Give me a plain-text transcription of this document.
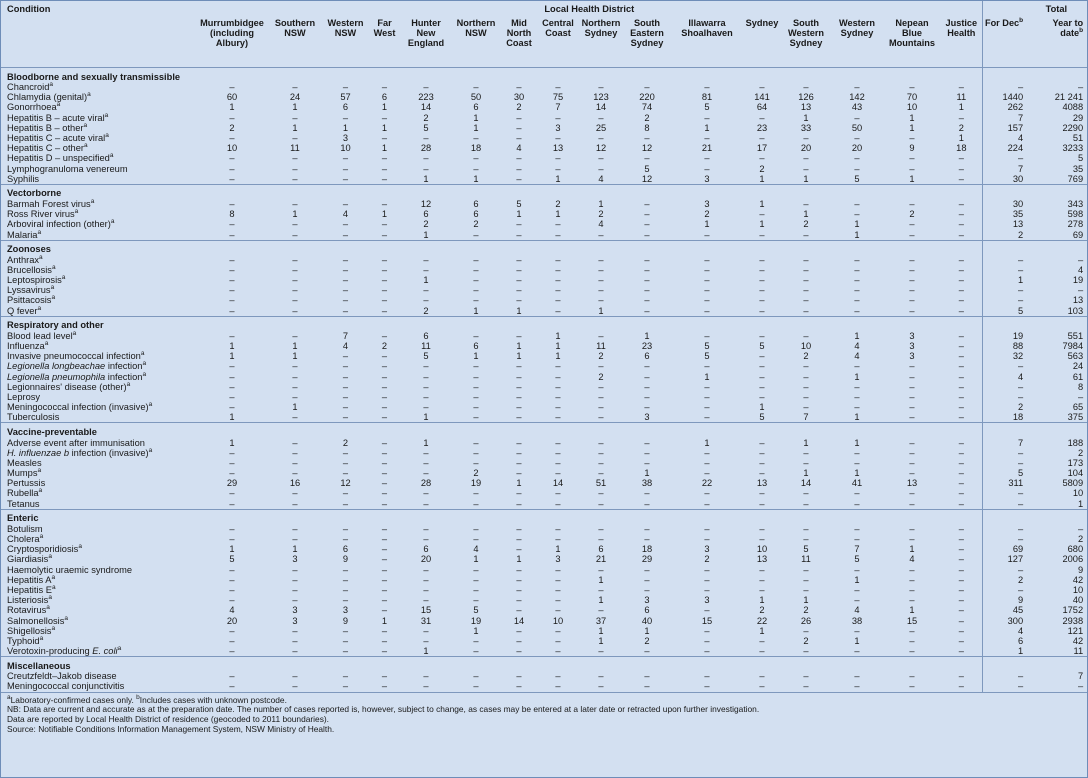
Condition	Local Health District																Total	
	Murrumbidgee (including Albury)	Southern NSW	Western NSW	Far West	Hunter New England	Northern NSW	Mid North Coast	Central Coast	Northern Sydney	South Eastern Sydney	Illawarra Shoalhaven	Sydney	South Western Sydney	Western Sydney	Nepean Blue Mountains	Justice Health	For Dec$^b$	Year to date$^b$
Bloodborne and sexually transmissible																		
Chancroid$^a$	–	–	–	–	–	–	–	–	–	–	–	–	–	–	–	–	–	–
Chlamydia (genital)$^a$	60	24	57	6	223	50	30	75	123	220	81	141	126	142	70	11	1440	21 241
Gonorrhoea$^a$	1	1	6	1	14	6	2	7	14	74	5	64	13	43	10	1	262	4088
Hepatitis B – acute viral$^a$	–	–	–	–	2	1	–	–	–	2	–	–	1	–	1	–	7	29
Hepatitis B – other$^a$	2	1	1	1	5	1	–	3	25	8	1	23	33	50	1	2	157	2290
Hepatitis C – acute viral$^a$	–	–	3	–	–	–	–	–	–	–	–	–	–	–	–	1	4	51
Hepatitis C – other$^a$	10	11	10	1	28	18	4	13	12	12	21	17	20	20	9	18	224	3233
Hepatitis D – unspecified$^a$	–	–	–	–	–	–	–	–	–	–	–	–	–	–	–	–	–	5
Lymphogranuloma venereum	–	–	–	–	–	–	–	–	–	5	–	2	–	–	–	–	7	35
Syphilis	–	–	–	–	1	1	–	1	4	12	3	1	1	5	1	–	30	769
Vectorborne																		
Barmah Forest virus$^a$	–	–	–	–	12	6	5	2	1	–	3	1	–	–	–	–	30	343
Ross River virus$^a$	8	1	4	1	6	6	1	1	2	–	2	–	1	–	2	–	35	598
Arboviral infection (other)$^a$	–	–	–	–	2	2	–	–	4	–	1	1	2	1	–	–	13	278
Malaria$^a$	–	–	–	–	1	–	–	–	–	–	–	–	–	1	–	–	2	69
Zoonoses																		
Anthrax$^a$	–	–	–	–	–	–	–	–	–	–	–	–	–	–	–	–	–	–
Brucellosis$^a$	–	–	–	–	–	–	–	–	–	–	–	–	–	–	–	–	–	4
Leptospirosis$^a$	–	–	–	–	1	–	–	–	–	–	–	–	–	–	–	–	1	19
Lyssavirus$^a$	–	–	–	–	–	–	–	–	–	–	–	–	–	–	–	–	–	–
Psittacosis$^a$	–	–	–	–	–	–	–	–	–	–	–	–	–	–	–	–	–	13
Q fever$^a$	–	–	–	–	2	1	1	–	1	–	–	–	–	–	–	–	5	103
Respiratory and other																		
Blood lead level$^a$	–	–	7	–	6	–	–	1	–	1	–	–	–	1	3	–	19	551
Influenza$^a$	1	1	4	2	11	6	1	1	11	23	5	5	10	4	3	–	88	7984
Invasive pneumococcal infection$^a$	1	1	–	–	5	1	1	1	2	6	5	–	2	4	3	–	32	563
Legionella longbeachae infection$^a$	–	–	–	–	–	–	–	–	–	–	–	–	–	–	–	–	–	24
Legionella pneumophila infection$^a$	–	–	–	–	–	–	–	–	2	–	1	–	–	1	–	–	4	61
Legionnaires' disease (other)$^a$	–	–	–	–	–	–	–	–	–	–	–	–	–	–	–	–	–	8
Leprosy	–	–	–	–	–	–	–	–	–	–	–	–	–	–	–	–	–	–
Meningococcal infection (invasive)$^a$	–	1	–	–	–	–	–	–	–	–	–	1	–	–	–	–	2	65
Tuberculosis	1	–	–	–	1	–	–	–	–	3	–	5	7	1	–	–	18	375
Vaccine-preventable																		
Adverse event after immunisation	1	–	2	–	1	–	–	–	–	–	1	–	1	1	–	–	7	188
H. influenzae b infection (invasive)$^a$	–	–	–	–	–	–	–	–	–	–	–	–	–	–	–	–	–	2
Measles	–	–	–	–	–	–	–	–	–	–	–	–	–	–	–	–	–	173
Mumps$^a$	–	–	–	–	–	2	–	–	–	1	–	–	1	1	–	–	5	104
Pertussis	29	16	12	–	28	19	1	14	51	38	22	13	14	41	13	–	311	5809
Rubella$^a$	–	–	–	–	–	–	–	–	–	–	–	–	–	–	–	–	–	10
Tetanus	–	–	–	–	–	–	–	–	–	–	–	–	–	–	–	–	–	1
Enteric																		
Botulism	–	–	–	–	–	–	–	–	–	–	–	–	–	–	–	–	–	–
Cholera$^a$	–	–	–	–	–	–	–	–	–	–	–	–	–	–	–	–	–	2
Cryptosporidiosis$^a$	1	1	6	–	6	4	–	1	6	18	3	10	5	7	1	–	69	680
Giardiasis$^a$	5	3	9	–	20	1	1	3	21	29	2	13	11	5	4	–	127	2006
Haemolytic uraemic syndrome	–	–	–	–	–	–	–	–	–	–	–	–	–	–	–	–	–	9
Hepatitis $A^a$	–	–	–	–	–	–	–	–	1	–	–	–	–	1	–	–	2	42
Hepatitis $E^a$	–	–	–	–	–	–	–	–	–	–	–	–	–	–	–	–	–	10
Listeriosis$^a$	–	–	–	–	–	–	–	–	1	3	3	1	1	–	–	–	9	40
Rotavirus$^a$	4	3	3	–	15	5	–	–	–	6	–	2	2	4	1	–	45	1752
Salmonellosis$^a$	20	3	9	1	31	19	14	10	37	40	15	22	26	38	15	–	300	2938
Shigellosis$^a$	–	–	–	–	–	1	–	–	1	1	–	1	–	–	–	–	4	121
Typhoid$^a$	–	–	–	–	–	–	–	–	1	2	–	–	2	1	–	–	6	42
Verotoxin-producing E. coli$^a$	–	–	–	–	1	–	–	–	–	–	–	–	–	–	–	–	1	11
Miscellaneous																		
Creutzfeldt–Jakob disease	–	–	–	–	–	–	–	–	–	–	–	–	–	–	–	–	–	7
Meningococcal conjunctivitis	–	–	–	–	–	–	–	–	–	–	–	–	–	–	–	–	–	–
$^a$Laboratory-confirmed cases only. $^b$Includes cases with unknown postcode.
NB: Data are current and accurate as at the preparation date. The number of cases reported is, however, subject to change, as cases may be entered at a later date or retracted upon further investigation.
Data are reported by Local Health District of residence (geocoded to 2011 boundaries).
Source: Notifiable Conditions Information Management System, NSW Ministry of Health.
